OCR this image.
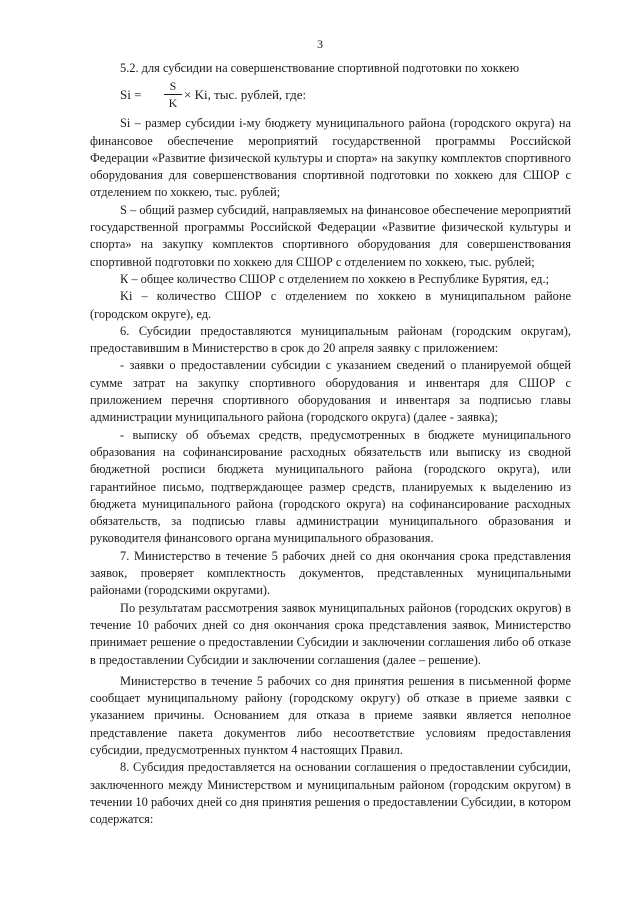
3

5.2. для субсидии на совершенствование спортивной подготовки по хоккею

Si =
S
K
× Ki, тыс. рублей, где:

Si – размер субсидии i-му бюджету муниципального района (городского округа) на финансовое обеспечение мероприятий государственной программы Российской Федерации «Развитие физической культуры и спорта» на закупку комплектов спортивного оборудования для совершенствования спортивной подготовки по хоккею для СШОР с отделением по хоккею, тыс. рублей;

S – общий размер субсидий, направляемых на финансовое обеспечение мероприятий государственной программы Российской Федерации «Развитие физической культуры и спорта» на закупку комплектов спортивного оборудования для совершенствования спортивной подготовки по хоккею для СШОР с отделением по хоккею, тыс. рублей;

К – общее количество СШОР с отделением по хоккею в Республике Бурятия, ед.;

Ki – количество СШОР с отделением по хоккею в муниципальном районе (городском округе), ед.

6. Субсидии предоставляются муниципальным районам (городским округам), предоставившим в Министерство в срок до 20 апреля заявку с приложением:

- заявки о предоставлении субсидии с указанием сведений о планируемой общей сумме затрат на закупку спортивного оборудования и инвентаря для СШОР с приложением перечня спортивного оборудования и инвентаря за подписью главы администрации муниципального района (городского округа) (далее - заявка);

- выписку об объемах средств, предусмотренных в бюджете муниципального образования на софинансирование расходных обязательств или выписку из сводной бюджетной росписи бюджета муниципального района (городского округа), или гарантийное письмо, подтверждающее размер средств, планируемых к выделению из бюджета муниципального района (городского округа) на софинансирование расходных обязательств, за подписью главы администрации муниципального образования и руководителя финансового органа муниципального образования.

7. Министерство в течение 5 рабочих дней со дня окончания срока представления заявок, проверяет комплектность документов, представленных муниципальными районами (городскими округами).

По результатам рассмотрения заявок муниципальных районов (городских округов) в течение 10 рабочих дней со дня окончания срока представления заявок, Министерство принимает решение о предоставлении Субсидии и заключении соглашения либо об отказе в предоставлении Субсидии и заключении соглашения (далее – решение).

Министерство в течение 5 рабочих со дня принятия решения в письменной форме сообщает муниципальному району (городскому округу) об отказе в приеме заявки с указанием причины. Основанием для отказа в приеме заявки является неполное представление пакета документов либо несоответствие условиям предоставления субсидии, предусмотренных пунктом 4 настоящих Правил.

8. Субсидия предоставляется на основании соглашения о предоставлении субсидии, заключенного между Министерством и муниципальным районом (городским округом) в течении 10 рабочих дней со дня принятия решения о предоставлении Субсидии, в котором содержатся:
